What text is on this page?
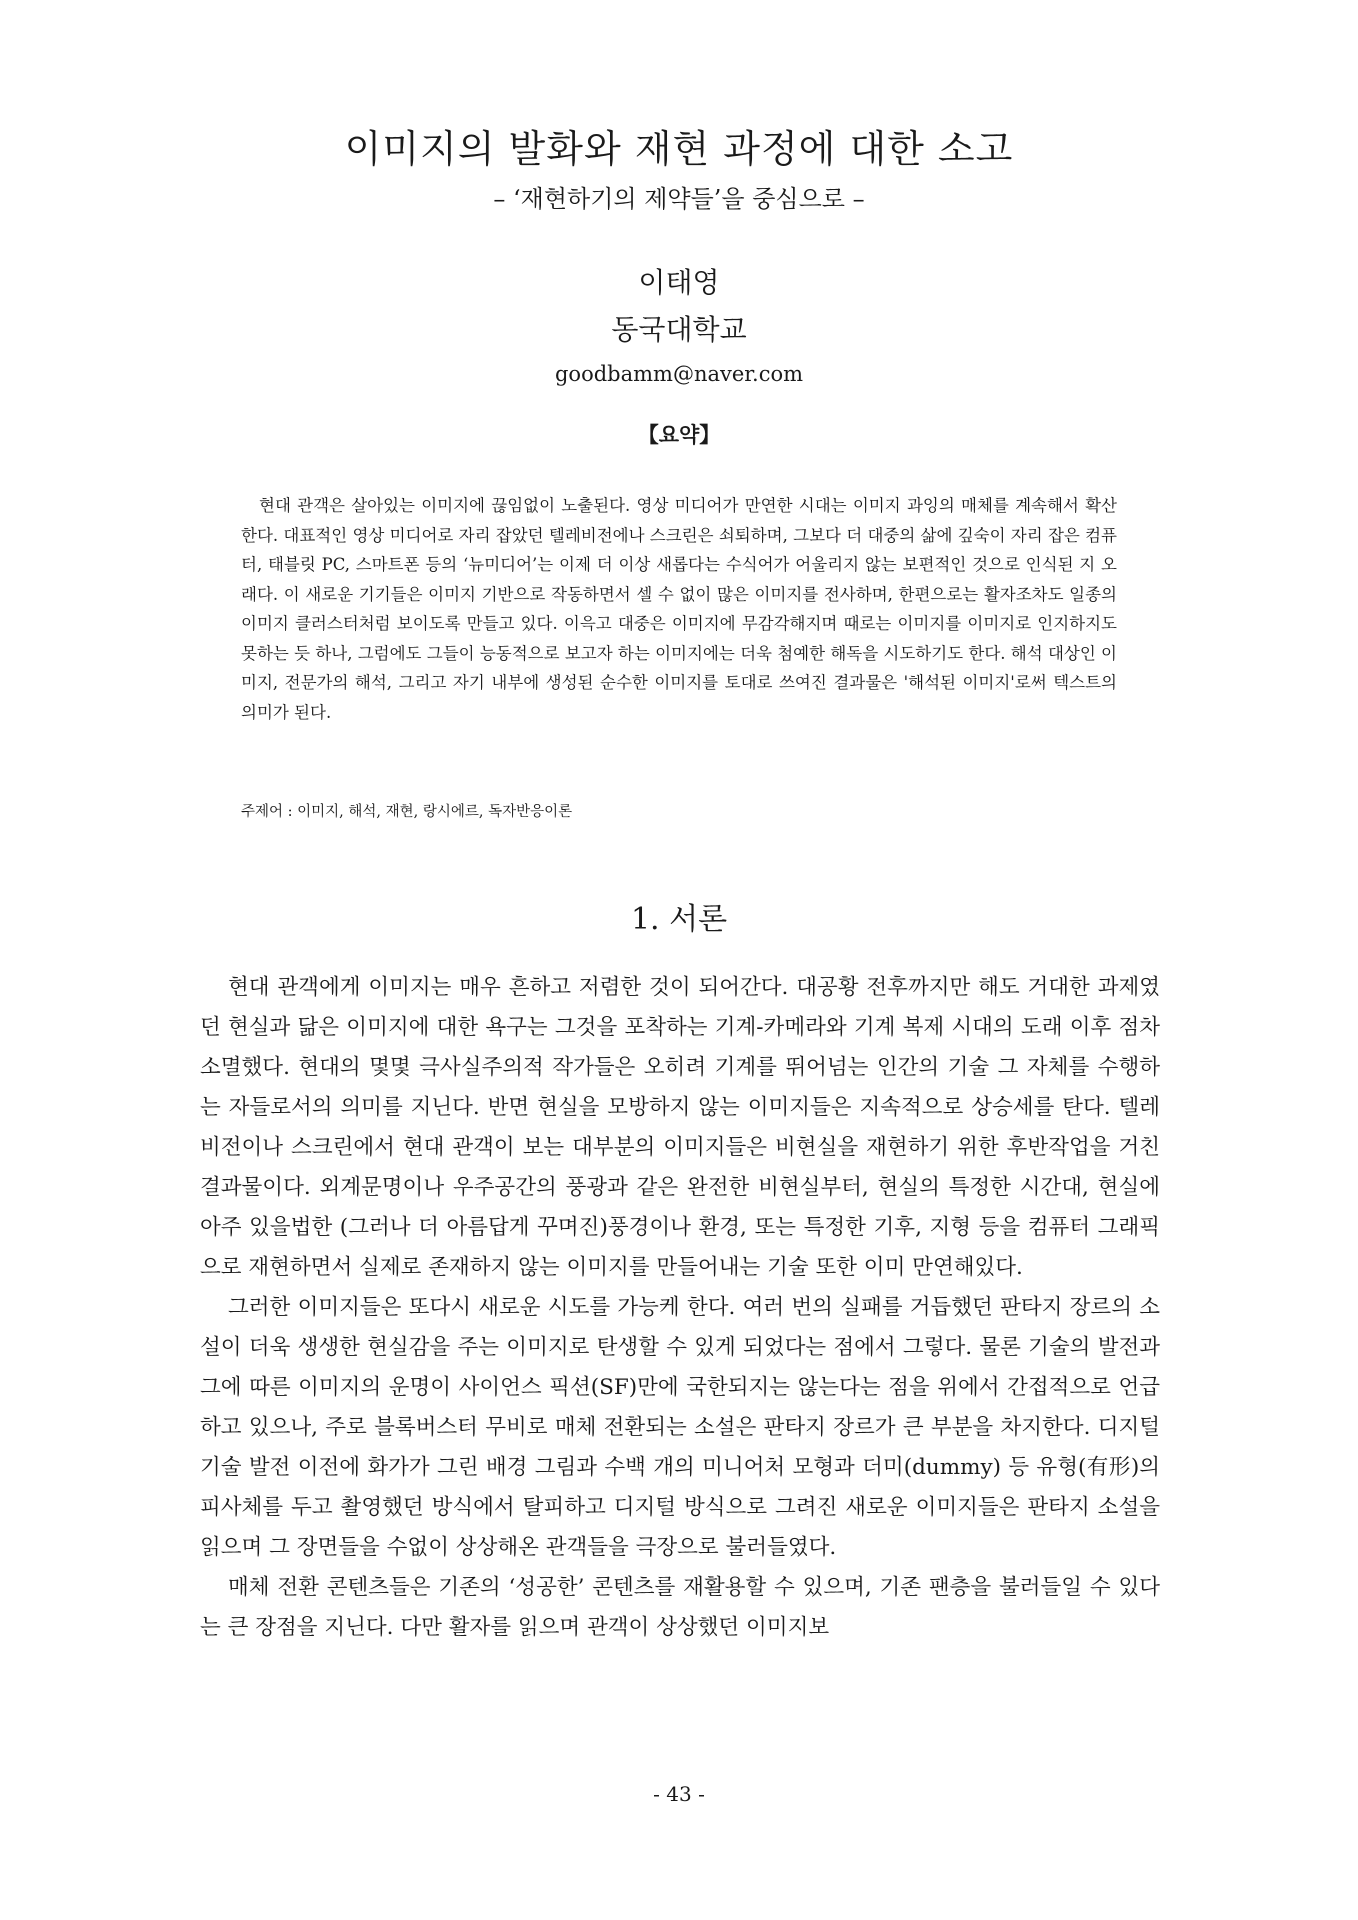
이미지의 발화와 재현 과정에 대한 소고
– ‘재현하기의 제약들’을 중심으로 –
이태영
동국대학교
goodbamm@naver.com
【요약】

현대 관객은 살아있는 이미지에 끊임없이 노출된다. 영상 미디어가 만연한 시대는 이미지 과잉의 매체를 계속해서 확산한다. 대표적인 영상 미디어로 자리 잡았던 텔레비전에나 스크린은 쇠퇴하며, 그보다 더 대중의 삶에 깊숙이 자리 잡은 컴퓨터, 태블릿 PC, 스마트폰 등의 ‘뉴미디어’는 이제 더 이상 새롭다는 수식어가 어울리지 않는 보편적인 것으로 인식된 지 오래다. 이 새로운 기기들은 이미지 기반으로 작동하면서 셀 수 없이 많은 이미지를 전사하며, 한편으로는 활자조차도 일종의 이미지 클러스터처럼 보이도록 만들고 있다. 이윽고 대중은 이미지에 무감각해지며 때로는 이미지를 이미지로 인지하지도 못하는 듯 하나, 그럼에도 그들이 능동적으로 보고자 하는 이미지에는 더욱 첨예한 해독을 시도하기도 한다. 해석 대상인 이미지, 전문가의 해석, 그리고 자기 내부에 생성된 순수한 이미지를 토대로 쓰여진 결과물은 '해석된 이미지'로써 텍스트의 의미가 된다.

주제어 : 이미지, 해석, 재현, 랑시에르, 독자반응이론
1. 서론

현대 관객에게 이미지는 매우 흔하고 저렴한 것이 되어간다. 대공황 전후까지만 해도 거대한 과제였던 현실과 닮은 이미지에 대한 욕구는 그것을 포착하는 기계-카메라와 기계 복제 시대의 도래 이후 점차 소멸했다. 현대의 몇몇 극사실주의적 작가들은 오히려 기계를 뛰어넘는 인간의 기술 그 자체를 수행하는 자들로서의 의미를 지닌다. 반면 현실을 모방하지 않는 이미지들은 지속적으로 상승세를 탄다. 텔레비전이나 스크린에서 현대 관객이 보는 대부분의 이미지들은 비현실을 재현하기 위한 후반작업을 거친 결과물이다. 외계문명이나 우주공간의 풍광과 같은 완전한 비현실부터, 현실의 특정한 시간대, 현실에 아주 있을법한 (그러나 더 아름답게 꾸며진)풍경이나 환경, 또는 특정한 기후, 지형 등을 컴퓨터 그래픽으로 재현하면서 실제로 존재하지 않는 이미지를 만들어내는 기술 또한 이미 만연해있다.

그러한 이미지들은 또다시 새로운 시도를 가능케 한다. 여러 번의 실패를 거듭했던 판타지 장르의 소설이 더욱 생생한 현실감을 주는 이미지로 탄생할 수 있게 되었다는 점에서 그렇다. 물론 기술의 발전과 그에 따른 이미지의 운명이 사이언스 픽션(SF)만에 국한되지는 않는다는 점을 위에서 간접적으로 언급하고 있으나, 주로 블록버스터 무비로 매체 전환되는 소설은 판타지 장르가 큰 부분을 차지한다. 디지털 기술 발전 이전에 화가가 그린 배경 그림과 수백 개의 미니어처 모형과 더미(dummy) 등 유형(有形)의 피사체를 두고 촬영했던 방식에서 탈피하고 디지털 방식으로 그려진 새로운 이미지들은 판타지 소설을 읽으며 그 장면들을 수없이 상상해온 관객들을 극장으로 불러들였다.

매체 전환 콘텐츠들은 기존의 ‘성공한’ 콘텐츠를 재활용할 수 있으며, 기존 팬층을 불러들일 수 있다는 큰 장점을 지닌다. 다만 활자를 읽으며 관객이 상상했던 이미지보

- 43 -
